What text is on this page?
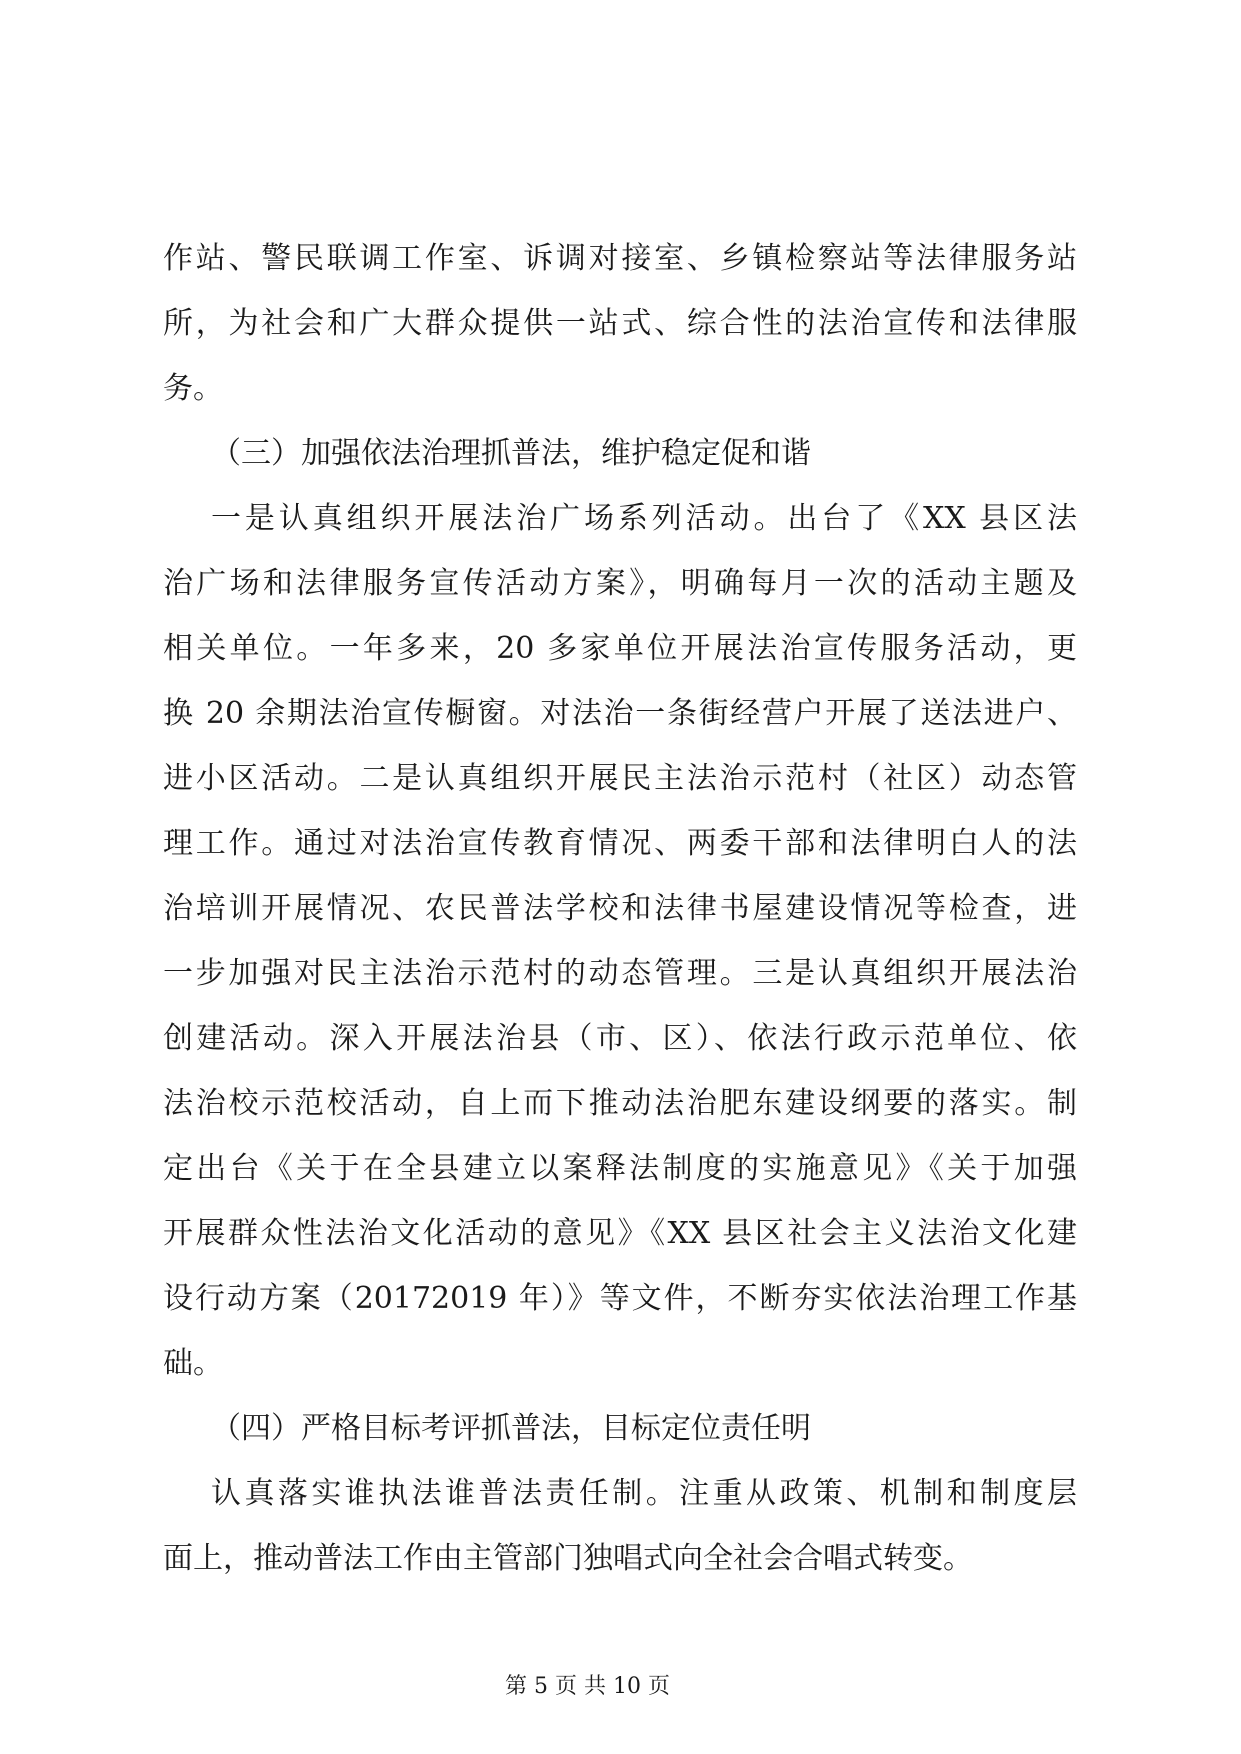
作站、警民联调工作室、诉调对接室、乡镇检察站等法律服务站
所，为社会和广大群众提供一站式、综合性的法治宣传和法律服
务。
（三）加强依法治理抓普法，维护稳定促和谐
一是认真组织开展法治广场系列活动。出台了《XX 县区法
治广场和法律服务宣传活动方案》，明确每月一次的活动主题及
相关单位。一年多来，20 多家单位开展法治宣传服务活动，更
换 20 余期法治宣传橱窗。对法治一条街经营户开展了送法进户、
进小区活动。二是认真组织开展民主法治示范村（社区）动态管
理工作。通过对法治宣传教育情况、两委干部和法律明白人的法
治培训开展情况、农民普法学校和法律书屋建设情况等检查，进
一步加强对民主法治示范村的动态管理。三是认真组织开展法治
创建活动。深入开展法治县（市、区）、依法行政示范单位、依
法治校示范校活动，自上而下推动法治肥东建设纲要的落实。制
定出台《关于在全县建立以案释法制度的实施意见》《关于加强
开展群众性法治文化活动的意见》《XX 县区社会主义法治文化建
设行动方案（20172019 年）》等文件，不断夯实依法治理工作基
础。
（四）严格目标考评抓普法，目标定位责任明
认真落实谁执法谁普法责任制。注重从政策、机制和制度层
面上，推动普法工作由主管部门独唱式向全社会合唱式转变。
第 5 页 共 10 页
